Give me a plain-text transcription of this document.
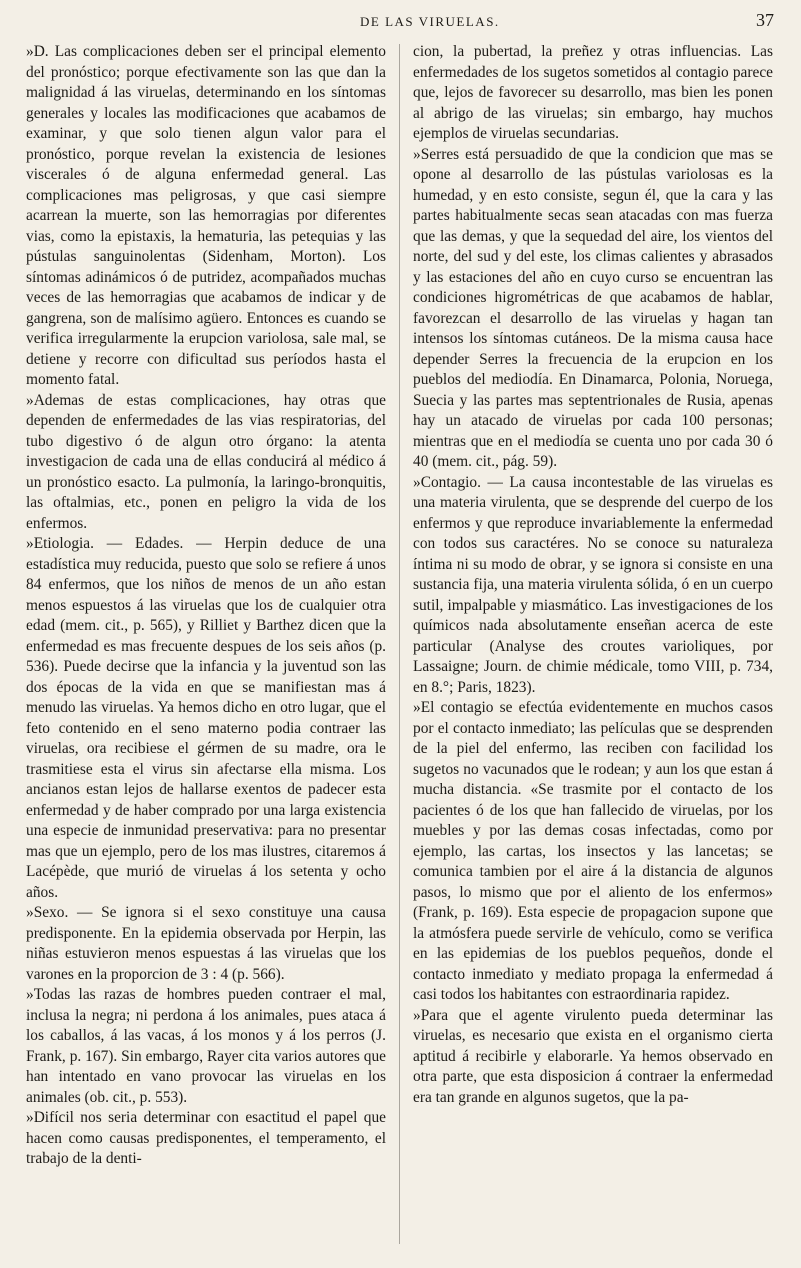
DE LAS VIRUELAS.	37

»D. Las complicaciones deben ser el principal elemento del pronóstico; porque efectivamente son las que dan la malignidad á las viruelas, determinando en los síntomas generales y locales las modificaciones que acabamos de examinar, y que solo tienen algun valor para el pronóstico, porque revelan la existencia de lesiones viscerales ó de alguna enfermedad general. Las complicaciones mas peligrosas, y que casi siempre acarrean la muerte, son las hemorragias por diferentes vias, como la epistaxis, la hematuria, las petequias y las pústulas sanguinolentas (Sidenham, Morton). Los síntomas adinámicos ó de putridez, acompañados muchas veces de las hemorragias que acabamos de indicar y de gangrena, son de malísimo agüero. Entonces es cuando se verifica irregularmente la erupcion variolosa, sale mal, se detiene y recorre con dificultad sus períodos hasta el momento fatal.

»Ademas de estas complicaciones, hay otras que dependen de enfermedades de las vias respiratorias, del tubo digestivo ó de algun otro órgano: la atenta investigacion de cada una de ellas conducirá al médico á un pronóstico esacto. La pulmonía, la laringo-bronquitis, las oftalmias, etc., ponen en peligro la vida de los enfermos.

»Etiologia. — Edades. — Herpin deduce de una estadística muy reducida, puesto que solo se refiere á unos 84 enfermos, que los niños de menos de un año estan menos espuestos á las viruelas que los de cualquier otra edad (mem. cit., p. 565), y Rilliet y Barthez dicen que la enfermedad es mas frecuente despues de los seis años (p. 536). Puede decirse que la infancia y la juventud son las dos épocas de la vida en que se manifiestan mas á menudo las viruelas. Ya hemos dicho en otro lugar, que el feto contenido en el seno materno podia contraer las viruelas, ora recibiese el gérmen de su madre, ora le trasmitiese esta el virus sin afectarse ella misma. Los ancianos estan lejos de hallarse exentos de padecer esta enfermedad y de haber comprado por una larga existencia una especie de inmunidad preservativa: para no presentar mas que un ejemplo, pero de los mas ilustres, citaremos á Lacépède, que murió de viruelas á los setenta y ocho años.

»Sexo. — Se ignora si el sexo constituye una causa predisponente. En la epidemia observada por Herpin, las niñas estuvieron menos espuestas á las viruelas que los varones en la proporcion de 3 : 4 (p. 566).

»Todas las razas de hombres pueden contraer el mal, inclusa la negra; ni perdona á los animales, pues ataca á los caballos, á las vacas, á los monos y á los perros (J. Frank, p. 167). Sin embargo, Rayer cita varios autores que han intentado en vano provocar las viruelas en los animales (ob. cit., p. 553).

»Difícil nos seria determinar con esactitud el papel que hacen como causas predisponentes, el temperamento, el trabajo de la denti-

cion, la pubertad, la preñez y otras influencias. Las enfermedades de los sugetos sometidos al contagio parece que, lejos de favorecer su desarrollo, mas bien les ponen al abrigo de las viruelas; sin embargo, hay muchos ejemplos de viruelas secundarias.

»Serres está persuadido de que la condicion que mas se opone al desarrollo de las pústulas variolosas es la humedad, y en esto consiste, segun él, que la cara y las partes habitualmente secas sean atacadas con mas fuerza que las demas, y que la sequedad del aire, los vientos del norte, del sud y del este, los climas calientes y abrasados y las estaciones del año en cuyo curso se encuentran las condiciones higrométricas de que acabamos de hablar, favorezcan el desarrollo de las viruelas y hagan tan intensos los síntomas cutáneos. De la misma causa hace depender Serres la frecuencia de la erupcion en los pueblos del mediodía. En Dinamarca, Polonia, Noruega, Suecia y las partes mas septentrionales de Rusia, apenas hay un atacado de viruelas por cada 100 personas; mientras que en el mediodía se cuenta uno por cada 30 ó 40 (mem. cit., pág. 59).

»Contagio. — La causa incontestable de las viruelas es una materia virulenta, que se desprende del cuerpo de los enfermos y que reproduce invariablemente la enfermedad con todos sus caractéres. No se conoce su naturaleza íntima ni su modo de obrar, y se ignora si consiste en una sustancia fija, una materia virulenta sólida, ó en un cuerpo sutil, impalpable y miasmático. Las investigaciones de los químicos nada absolutamente enseñan acerca de este particular (Analyse des croutes varioliques, por Lassaigne; Journ. de chimie médicale, tomo VIII, p. 734, en 8.°; Paris, 1823).

»El contagio se efectúa evidentemente en muchos casos por el contacto inmediato; las películas que se desprenden de la piel del enfermo, las reciben con facilidad los sugetos no vacunados que le rodean; y aun los que estan á mucha distancia. «Se trasmite por el contacto de los pacientes ó de los que han fallecido de viruelas, por los muebles y por las demas cosas infectadas, como por ejemplo, las cartas, los insectos y las lancetas; se comunica tambien por el aire á la distancia de algunos pasos, lo mismo que por el aliento de los enfermos» (Frank, p. 169). Esta especie de propagacion supone que la atmósfera puede servirle de vehículo, como se verifica en las epidemias de los pueblos pequeños, donde el contacto inmediato y mediato propaga la enfermedad á casi todos los habitantes con estraordinaria rapidez.

»Para que el agente virulento pueda determinar las viruelas, es necesario que exista en el organismo cierta aptitud á recibirle y elaborarle. Ya hemos observado en otra parte, que esta disposicion á contraer la enfermedad era tan grande en algunos sugetos, que la pa-
